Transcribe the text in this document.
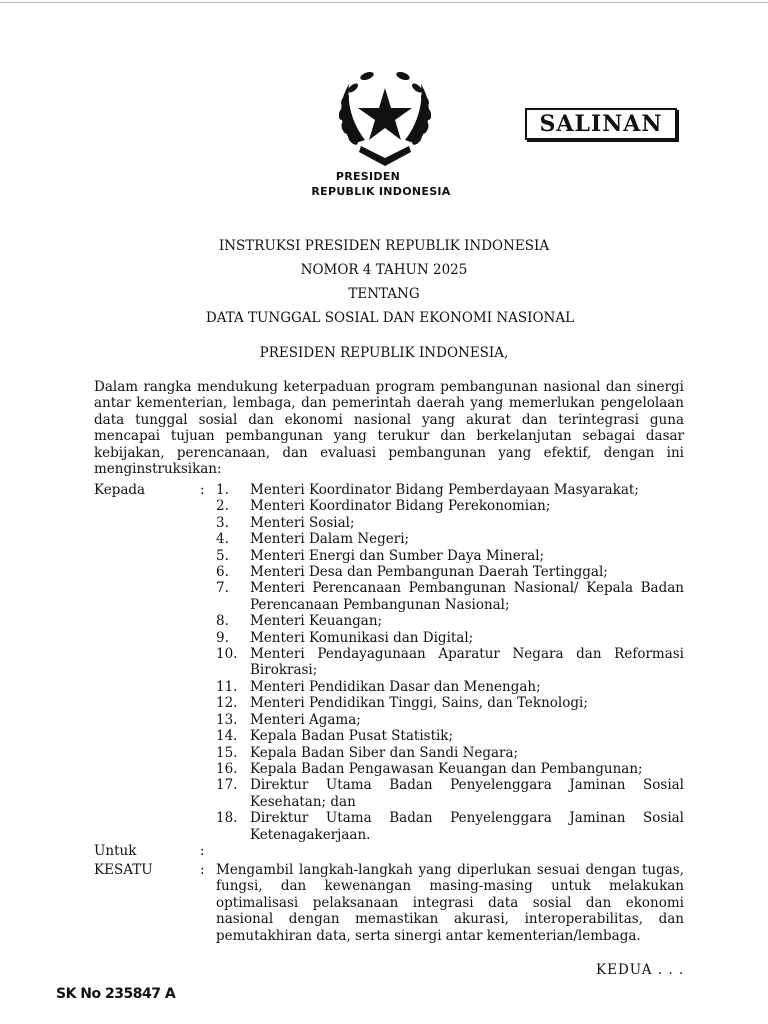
SALINAN
PRESIDEN
REPUBLIK INDONESIA
INSTRUKSI PRESIDEN REPUBLIK INDONESIA
NOMOR 4 TAHUN 2025
TENTANG
DATA TUNGGAL SOSIAL DAN EKONOMI NASIONAL
PRESIDEN REPUBLIK INDONESIA,
Dalam rangka mendukung keterpaduan program pembangunan nasional dan sinergi antar kementerian, lembaga, dan pemerintah daerah yang memerlukan pengelolaan data tunggal sosial dan ekonomi nasional yang akurat dan terintegrasi guna mencapai tujuan pembangunan yang terukur dan berkelanjutan sebagai dasar kebijakan, perencanaan, dan evaluasi pembangunan yang efektif, dengan ini menginstruksikan:
Kepada	: 1.	Menteri Koordinator Bidang Pemberdayaan Masyarakat;
2.	Menteri Koordinator Bidang Perekonomian;
3.	Menteri Sosial;
4.	Menteri Dalam Negeri;
5.	Menteri Energi dan Sumber Daya Mineral;
6.	Menteri Desa dan Pembangunan Daerah Tertinggal;
7.	Menteri Perencanaan Pembangunan Nasional/ Kepala Badan Perencanaan Pembangunan Nasional;
8.	Menteri Keuangan;
9.	Menteri Komunikasi dan Digital;
10. Menteri Pendayagunaan Aparatur Negara dan Reformasi Birokrasi;
11. Menteri Pendidikan Dasar dan Menengah;
12. Menteri Pendidikan Tinggi, Sains, dan Teknologi;
13. Menteri Agama;
14. Kepala Badan Pusat Statistik;
15. Kepala Badan Siber dan Sandi Negara;
16. Kepala Badan Pengawasan Keuangan dan Pembangunan;
17. Direktur Utama Badan Penyelenggara Jaminan Sosial Kesehatan; dan
18. Direktur Utama Badan Penyelenggara Jaminan Sosial Ketenagakerjaan.
Untuk	:
KESATU	: Mengambil langkah-langkah yang diperlukan sesuai dengan tugas, fungsi, dan kewenangan masing-masing untuk melakukan optimalisasi pelaksanaan integrasi data sosial dan ekonomi nasional dengan memastikan akurasi, interoperabilitas, dan pemutakhiran data, serta sinergi antar kementerian/lembaga.
KEDUA . . .
SK No 235847 A
